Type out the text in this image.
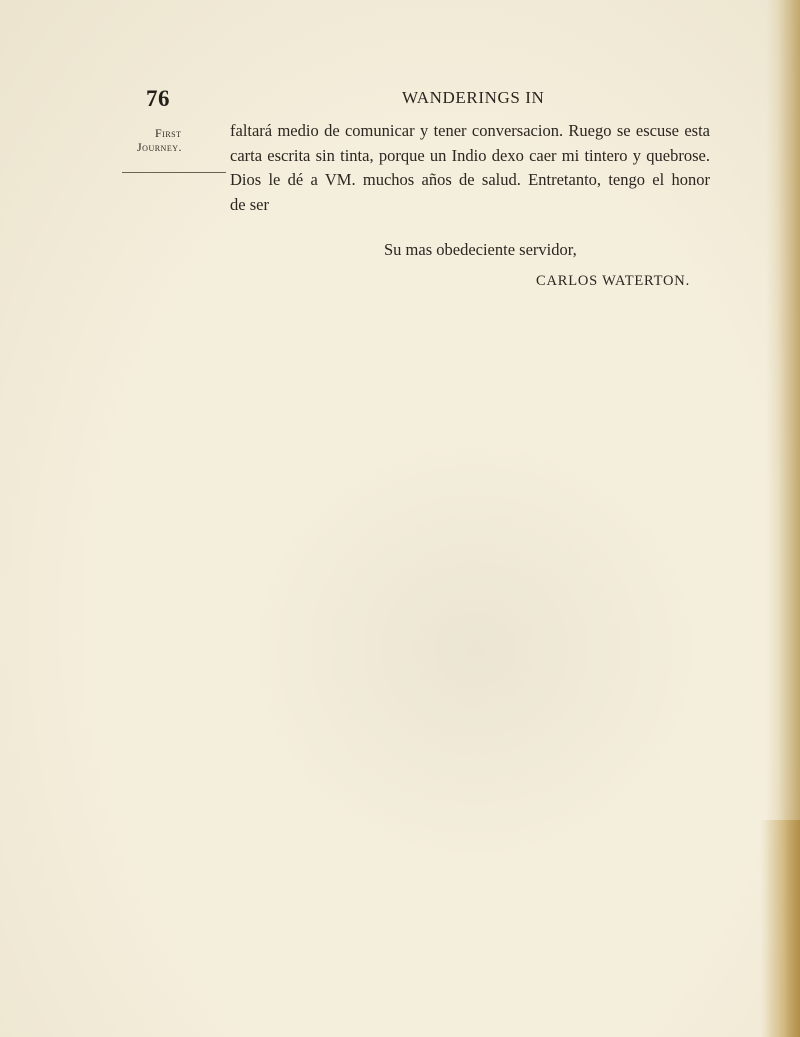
76	WANDERINGS IN
First
Journey.
faltará medio de comunicar y tener conversacion. Ruego se escuse esta
carta escrita sin tinta, porque un Indio dexo caer mi tintero y quebrose.
Dios le dé a VM. muchos años de salud. Entretanto, tengo el honor
de ser
Su mas obedeciente servidor,
CARLOS WATERTON.
